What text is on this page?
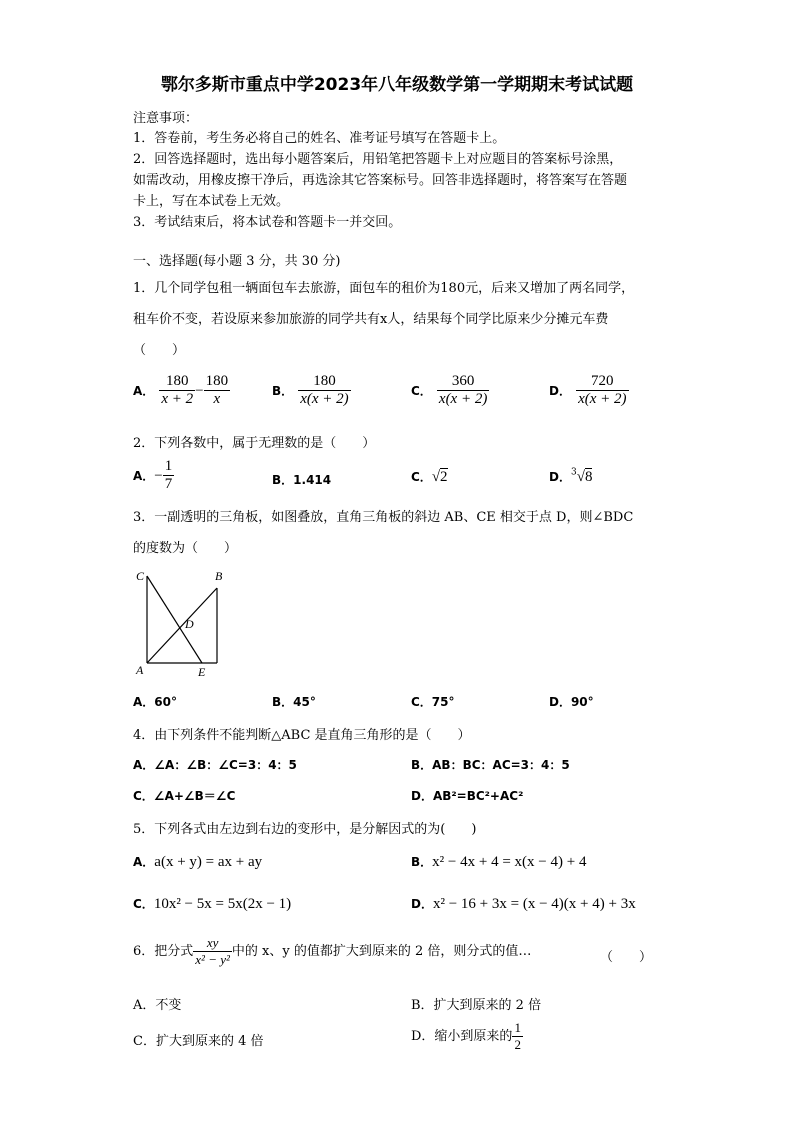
鄂尔多斯市重点中学2023年八年级数学第一学期期末考试试题
注意事项：
1．答卷前，考生务必将自己的姓名、准考证号填写在答题卡上。
2．回答选择题时，选出每小题答案后，用铅笔把答题卡上对应题目的答案标号涂黑，
如需改动，用橡皮擦干净后，再选涂其它答案标号。回答非选择题时，将答案写在答题
卡上，写在本试卷上无效。
3．考试结束后，将本试卷和答题卡一并交回。
一、选择题(每小题 3 分，共 30 分)
1．几个同学包租一辆面包车去旅游，面包车的租价为180元，后来又增加了两名同学，
租车价不变，若设原来参加旅游的同学共有x人，结果每个同学比原来少分摊元车费
（　　）
A． $\frac{180}{x + 2} - \frac{180}{x}$	B． $\frac{180}{x(x + 2)}$	C． $\frac{360}{x(x + 2)}$	D． $\frac{720}{x(x + 2)}$
2．下列各数中，属于无理数的是（　　）
A．− $\frac{1}{7}$	B．1.414	C．√2	D．$^3$√8
3．一副透明的三角板，如图叠放，直角三角板的斜边 AB、CE 相交于点 D，则∠BDC
的度数为（　　）
C	B
D
A	E
A．60°	B．45°	C．75°	D．90°
4．由下列条件不能判断△ABC 是直角三角形的是（　　）
A．∠A：∠B：∠C=3：4：5	B．AB：BC：AC=3：4：5
C．∠A+∠B＝∠C	D．AB²=BC²+AC²
5．下列各式由左边到右边的变形中，是分解因式的为(　　)
A．a(x + y) = ax + ay	B．x² − 4x + 4 = x(x − 4) + 4
C．10x² − 5x = 5x(2x − 1)	D．x² − 16 + 3x = (x − 4)(x + 4) + 3x
6．把分式 $\frac{xy}{\text{x² − y²}}$ 中的 x、y 的值都扩大到原来的 2 倍，则分式的值…	（　　）
A．不变	B．扩大到原来的 2 倍
C．扩大到原来的 4 倍	D．缩小到原来的 $\frac{1}{2}$
